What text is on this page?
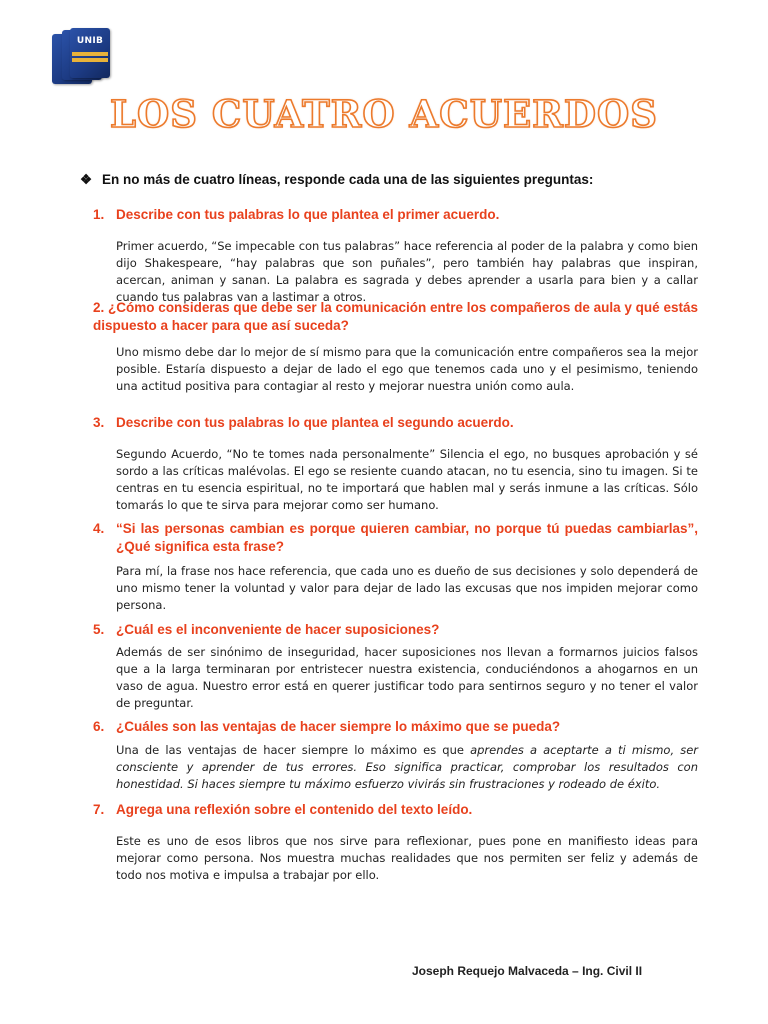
UNIB
LOS CUATRO ACUERDOS
❖ En no más de cuatro líneas, responde cada una de las siguientes preguntas:
1. Describe con tus palabras lo que plantea el primer acuerdo.
Primer acuerdo, “Se impecable con tus palabras” hace referencia al poder de la palabra y como bien dijo Shakespeare, “hay palabras que son puñales”, pero también hay palabras que inspiran, acercan, animan y sanan. La palabra es sagrada y debes aprender a usarla para bien y a callar cuando tus palabras van a lastimar a otros.
2. ¿Cómo consideras que debe ser la comunicación entre los compañeros de aula y qué estás dispuesto a hacer para que así suceda?
Uno mismo debe dar lo mejor de sí mismo para que la comunicación entre compañeros sea la mejor posible. Estaría dispuesto a dejar de lado el ego que tenemos cada uno y el pesimismo, teniendo una actitud positiva para contagiar al resto y mejorar nuestra unión como aula.
3. Describe con tus palabras lo que plantea el segundo acuerdo.
Segundo Acuerdo, “No te tomes nada personalmente” Silencia el ego, no busques aprobación y sé sordo a las críticas malévolas. El ego se resiente cuando atacan, no tu esencia, sino tu imagen. Si te centras en tu esencia espiritual, no te importará que hablen mal y serás inmune a las críticas. Sólo tomarás lo que te sirva para mejorar como ser humano.
4. “Si las personas cambian es porque quieren cambiar, no porque tú puedas cambiarlas”, ¿Qué significa esta frase?
Para mí, la frase nos hace referencia, que cada uno es dueño de sus decisiones y solo dependerá de uno mismo tener la voluntad y valor para dejar de lado las excusas que nos impiden mejorar como persona.
5. ¿Cuál es el inconveniente de hacer suposiciones?
Además de ser sinónimo de inseguridad, hacer suposiciones nos llevan a formarnos juicios falsos que a la larga terminaran por entristecer nuestra existencia, conduciéndonos a ahogarnos en un vaso de agua. Nuestro error está en querer justificar todo para sentirnos seguro y no tener el valor de preguntar.
6. ¿Cuáles son las ventajas de hacer siempre lo máximo que se pueda?
Una de las ventajas de hacer siempre lo máximo es que aprendes a aceptarte a ti mismo, ser consciente y aprender de tus errores. Eso significa practicar, comprobar los resultados con honestidad. Si haces siempre tu máximo esfuerzo vivirás sin frustraciones y rodeado de éxito.
7. Agrega una reflexión sobre el contenido del texto leído.
Este es uno de esos libros que nos sirve para reflexionar, pues pone en manifiesto ideas para mejorar como persona. Nos muestra muchas realidades que nos permiten ser feliz y además de todo nos motiva e impulsa a trabajar por ello.
Joseph Requejo Malvaceda – Ing. Civil II
